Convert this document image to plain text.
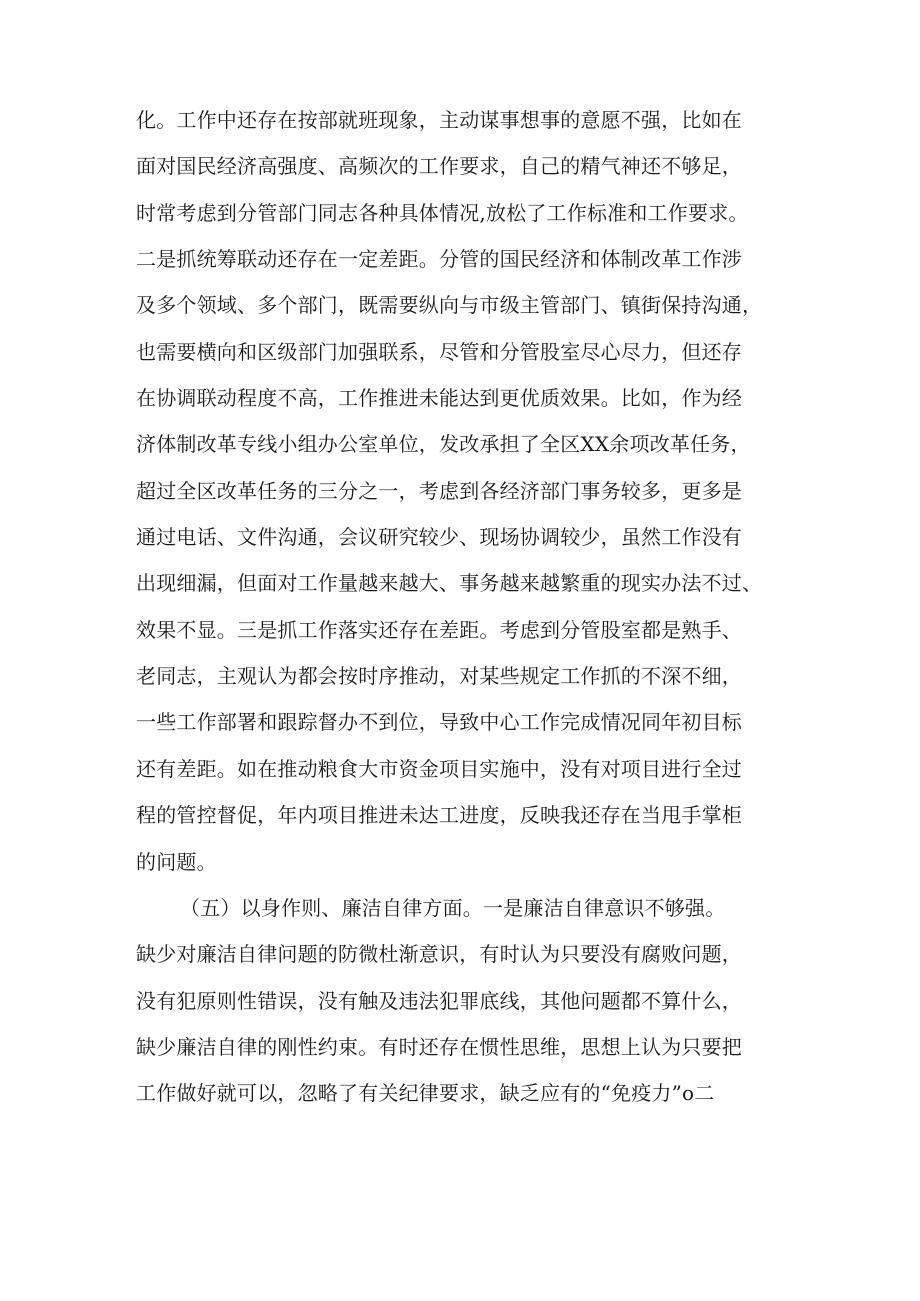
化。工作中还存在按部就班现象，主动谋事想事的意愿不强，比如在
面对国民经济高强度、高频次的工作要求，自己的精气神还不够足，
时常考虑到分管部门同志各种具体情况,放松了工作标准和工作要求。
二是抓统筹联动还存在一定差距。分管的国民经济和体制改革工作涉
及多个领域、多个部门，既需要纵向与市级主管部门、镇街保持沟通，
也需要横向和区级部门加强联系，尽管和分管股室尽心尽力，但还存
在协调联动程度不高，工作推进未能达到更优质效果。比如，作为经
济体制改革专线小组办公室单位，发改承担了全区XX余项改革任务，
超过全区改革任务的三分之一，考虑到各经济部门事务较多，更多是
通过电话、文件沟通，会议研究较少、现场协调较少，虽然工作没有
出现细漏，但面对工作量越来越大、事务越来越繁重的现实办法不过、
效果不显。三是抓工作落实还存在差距。考虑到分管股室都是熟手、
老同志，主观认为都会按时序推动，对某些规定工作抓的不深不细，
一些工作部署和跟踪督办不到位，导致中心工作完成情况同年初目标
还有差距。如在推动粮食大市资金项目实施中，没有对项目进行全过
程的管控督促，年内项目推进未达工进度，反映我还存在当甩手掌柜
的问题。
（五）以身作则、廉洁自律方面。一是廉洁自律意识不够强。
缺少对廉洁自律问题的防微杜渐意识，有时认为只要没有腐败问题，
没有犯原则性错误，没有触及违法犯罪底线，其他问题都不算什么，
缺少廉洁自律的刚性约束。有时还存在惯性思维，思想上认为只要把
工作做好就可以，忽略了有关纪律要求，缺乏应有的“免疫力”o二
